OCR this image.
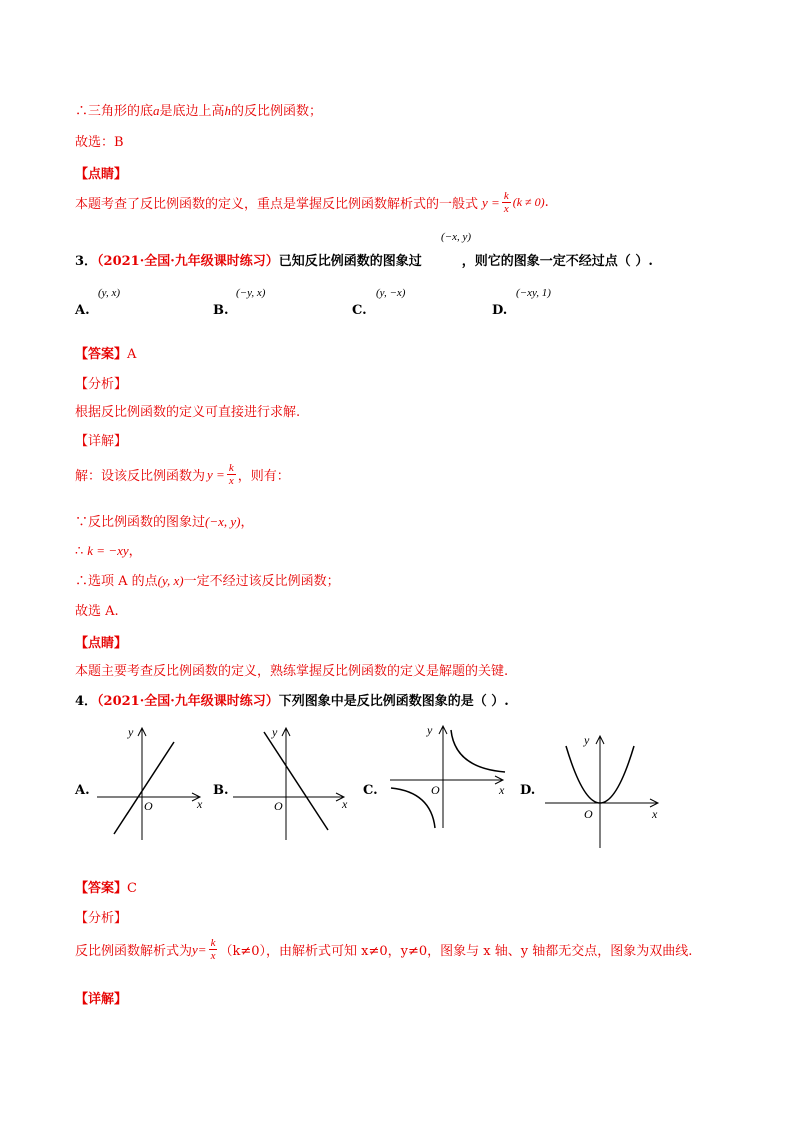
∴三角形的底a是底边上高h的反比例函数；
故选：B
【点睛】
本题考查了反比例函数的定义，重点是掌握反比例函数解析式的一般式 $y = \frac{k}{x} (k \ne 0)$ .
3．（2021·全国·九年级课时练习）已知反比例函数的图象过	，则它的图象一定不经过点（ ）.
(−x, y)
A.
(y, x)
B.
(−y, x)
C.
(y, −x)
D.
(−xy, 1)
【答案】A
【分析】
根据反比例函数的定义可直接进行求解.
【详解】
解：设该反比例函数为 $y = \frac{k}{x}$ ，则有：
∵反比例函数的图象过(−x, y)，
∴ k = −xy，
∴选项 A 的点(y, x)一定不经过该反比例函数；
故选 A.
【点睛】
本题主要考查反比例函数的定义，熟练掌握反比例函数的定义是解题的关键.
4．（2021·全国·九年级课时练习）下列图象中是反比例函数图象的是（ ）.
A.
x
y
O
B.
x
y
O
C.	x
y
O	D.
x
y
O
【答案】C
【分析】
反比例函数解析式为 $y= \frac{k}{x} (k\ne 0)$，由解析式可知 x≠0，y≠0，图象与 x 轴、y 轴都无交点，图象为双曲线.
【详解】
